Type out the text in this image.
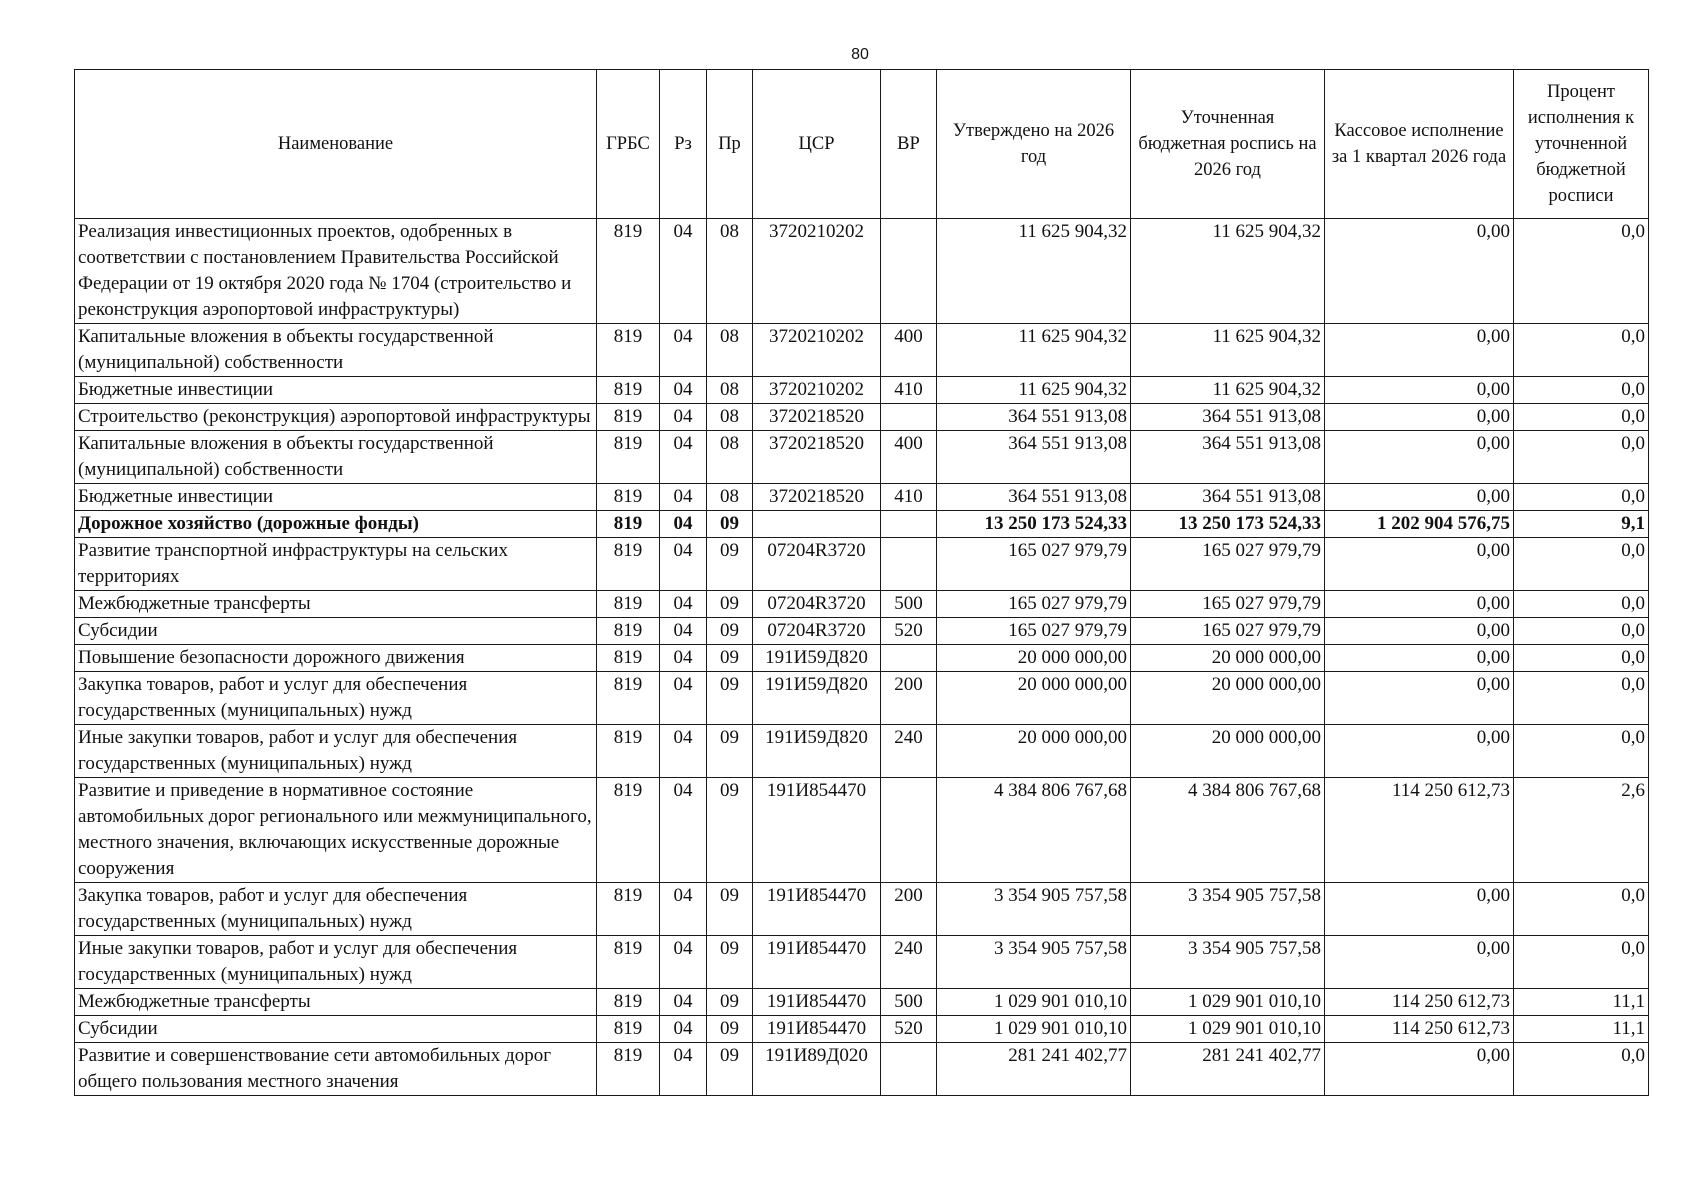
80
Наименование	ГРБС	Рз	Пр	ЦСР	ВР	Утверждено на 2026 год	Уточненная бюджетная роспись на 2026 год	Кассовое исполнение за 1 квартал 2026 года	Процент исполнения к уточненной бюджетной росписи
Реализация инвестиционных проектов, одобренных в соответствии с постановлением Правительства Российской Федерации от 19 октября 2020 года № 1704 (строительство и реконструкция аэропортовой инфраструктуры)	819	04	08	3720210202		11 625 904,32	11 625 904,32	0,00	0,0
Капитальные вложения в объекты государственной (муниципальной) собственности	819	04	08	3720210202	400	11 625 904,32	11 625 904,32	0,00	0,0
Бюджетные инвестиции	819	04	08	3720210202	410	11 625 904,32	11 625 904,32	0,00	0,0
Строительство (реконструкция) аэропортовой инфраструктуры	819	04	08	3720218520		364 551 913,08	364 551 913,08	0,00	0,0
Капитальные вложения в объекты государственной (муниципальной) собственности	819	04	08	3720218520	400	364 551 913,08	364 551 913,08	0,00	0,0
Бюджетные инвестиции	819	04	08	3720218520	410	364 551 913,08	364 551 913,08	0,00	0,0
Дорожное хозяйство (дорожные фонды)	819	04	09			13 250 173 524,33	13 250 173 524,33	1 202 904 576,75	9,1
Развитие транспортной инфраструктуры на сельских территориях	819	04	09	07204R3720		165 027 979,79	165 027 979,79	0,00	0,0
Межбюджетные трансферты	819	04	09	07204R3720	500	165 027 979,79	165 027 979,79	0,00	0,0
Субсидии	819	04	09	07204R3720	520	165 027 979,79	165 027 979,79	0,00	0,0
Повышение безопасности дорожного движения	819	04	09	191И59Д820		20 000 000,00	20 000 000,00	0,00	0,0
Закупка товаров, работ и услуг для обеспечения государственных (муниципальных) нужд	819	04	09	191И59Д820	200	20 000 000,00	20 000 000,00	0,00	0,0
Иные закупки товаров, работ и услуг для обеспечения государственных (муниципальных) нужд	819	04	09	191И59Д820	240	20 000 000,00	20 000 000,00	0,00	0,0
Развитие и приведение в нормативное состояние автомобильных дорог регионального или межмуниципального, местного значения, включающих искусственные дорожные сооружения	819	04	09	191И854470		4 384 806 767,68	4 384 806 767,68	114 250 612,73	2,6
Закупка товаров, работ и услуг для обеспечения государственных (муниципальных) нужд	819	04	09	191И854470	200	3 354 905 757,58	3 354 905 757,58	0,00	0,0
Иные закупки товаров, работ и услуг для обеспечения государственных (муниципальных) нужд	819	04	09	191И854470	240	3 354 905 757,58	3 354 905 757,58	0,00	0,0
Межбюджетные трансферты	819	04	09	191И854470	500	1 029 901 010,10	1 029 901 010,10	114 250 612,73	11,1
Субсидии	819	04	09	191И854470	520	1 029 901 010,10	1 029 901 010,10	114 250 612,73	11,1
Развитие и совершенствование сети автомобильных дорог общего пользования местного значения	819	04	09	191И89Д020		281 241 402,77	281 241 402,77	0,00	0,0
